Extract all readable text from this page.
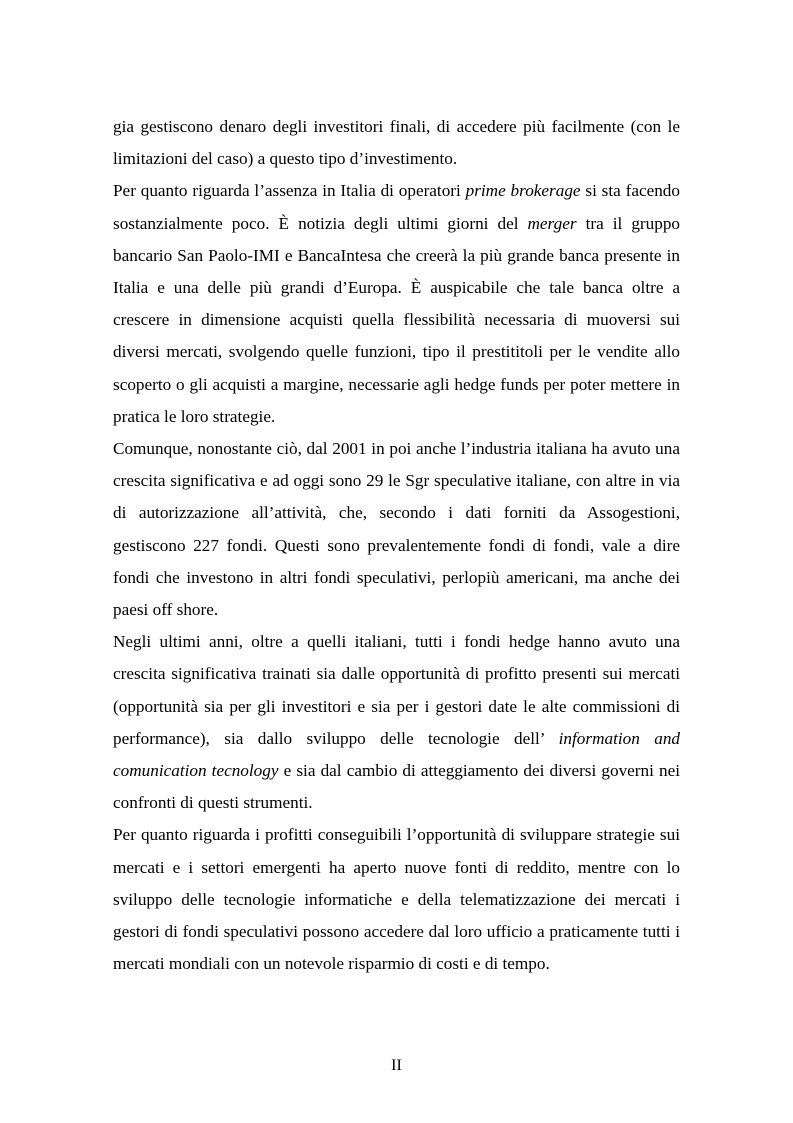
gia gestiscono denaro degli investitori finali, di accedere più facilmente (con le limitazioni del caso) a questo tipo d’investimento.

Per quanto riguarda l’assenza in Italia di operatori prime brokerage si sta facendo sostanzialmente poco. È notizia degli ultimi giorni del merger tra il gruppo bancario San Paolo-IMI e BancaIntesa che creerà la più grande banca presente in Italia e una delle più grandi d’Europa. È auspicabile che tale banca oltre a crescere in dimensione acquisti quella flessibilità necessaria di muoversi sui diversi mercati, svolgendo quelle funzioni, tipo il prestititoli per le vendite allo scoperto o gli acquisti a margine, necessarie agli hedge funds per poter mettere in pratica le loro strategie.

Comunque, nonostante ciò, dal 2001 in poi anche l’industria italiana ha avuto una crescita significativa e ad oggi sono 29 le Sgr speculative italiane, con altre in via di autorizzazione all’attività, che, secondo i dati forniti da Assogestioni, gestiscono 227 fondi. Questi sono prevalentemente fondi di fondi, vale a dire fondi che investono in altri fondi speculativi, perlopiù americani, ma anche dei paesi off shore.

Negli ultimi anni, oltre a quelli italiani, tutti i fondi hedge hanno avuto una crescita significativa trainati sia dalle opportunità di profitto presenti sui mercati (opportunità sia per gli investitori e sia per i gestori date le alte commissioni di performance), sia dallo sviluppo delle tecnologie dell’ information and comunication tecnology e sia dal cambio di atteggiamento dei diversi governi nei confronti di questi strumenti.

Per quanto riguarda i profitti conseguibili l’opportunità di sviluppare strategie sui mercati e i settori emergenti ha aperto nuove fonti di reddito, mentre con lo sviluppo delle tecnologie informatiche e della telematizzazione dei mercati i gestori di fondi speculativi possono accedere dal loro ufficio a praticamente tutti i mercati mondiali con un notevole risparmio di costi e di tempo.

II
